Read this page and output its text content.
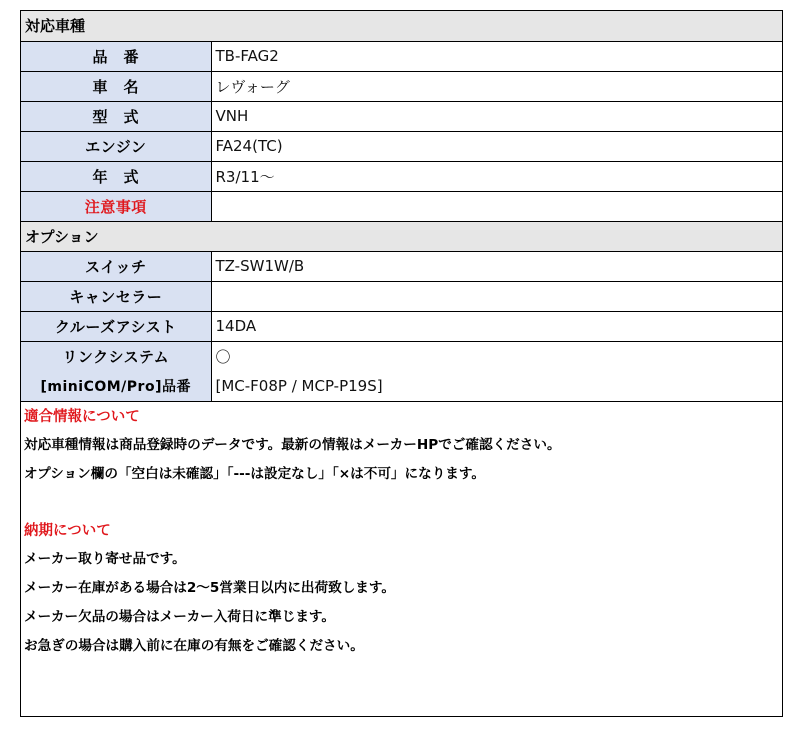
対応車種	
品　番	TB-FAG2
車　名	レヴォーグ
型　式	VNH
エンジン	FA24(TC)
年　式	R3/11〜
注意事項	
オプション	
スイッチ	TZ-SW1W/B
キャンセラー	
クルーズアシスト	14DA
リンクシステム	〇
[miniCOM/Pro]品番	[MC-F08P / MCP-P19S]
適合情報について
対応車種情報は商品登録時のデータです。最新の情報はメーカーHPでご確認ください。
オプション欄の「空白は未確認」「---は設定なし」「×は不可」になります。
納期について
メーカー取り寄せ品です。
メーカー在庫がある場合は2〜5営業日以内に出荷致します。
メーカー欠品の場合はメーカー入荷日に準じます。
お急ぎの場合は購入前に在庫の有無をご確認ください。
